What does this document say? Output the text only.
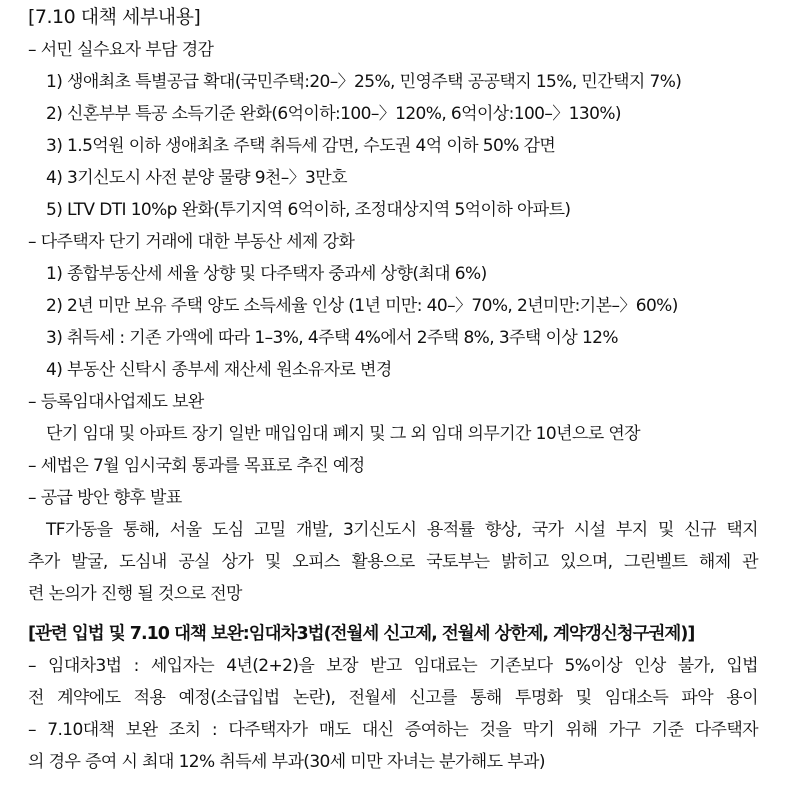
[7.10 대책 세부내용]
– 서민 실수요자 부담 경감
1) 생애최초 특별공급 확대(국민주택:20–〉25%, 민영주택 공공택지 15%, 민간택지 7%)
2) 신혼부부 특공 소득기준 완화(6억이하:100–〉120%, 6억이상:100–〉130%)
3) 1.5억원 이하 생애최초 주택 취득세 감면, 수도권 4억 이하 50% 감면
4) 3기신도시 사전 분양 물량 9천–〉3만호
5) LTV DTI 10%p 완화(투기지역 6억이하, 조정대상지역 5억이하 아파트)
– 다주택자 단기 거래에 대한 부동산 세제 강화
1) 종합부동산세 세율 상향 및 다주택자 중과세 상향(최대 6%)
2) 2년 미만 보유 주택 양도 소득세율 인상 (1년 미만: 40–〉70%, 2년미만:기본–〉60%)
3) 취득세 : 기존 가액에 따라 1–3%, 4주택 4%에서 2주택 8%, 3주택 이상 12%
4) 부동산 신탁시 종부세 재산세 원소유자로 변경
– 등록임대사업제도 보완
단기 임대 및 아파트 장기 일반 매입임대 폐지 및 그 외 임대 의무기간 10년으로 연장
– 세법은 7월 임시국회 통과를 목표로 추진 예정
– 공급 방안 향후 발표
TF가동을 통해, 서울 도심 고밀 개발, 3기신도시 용적률 향상, 국가 시설 부지 및 신규 택지
추가 발굴, 도심내 공실 상가 및 오피스 활용으로 국토부는 밝히고 있으며, 그린벨트 해제 관
련 논의가 진행 될 것으로 전망
[관련 입법 및 7.10 대책 보완:임대차3법(전월세 신고제, 전월세 상한제, 계약갱신청구권제)]
– 임대차3법 : 세입자는 4년(2+2)을 보장 받고 임대료는 기존보다 5%이상 인상 불가, 입법
전 계약에도 적용 예정(소급입법 논란), 전월세 신고를 통해 투명화 및 임대소득 파악 용이
– 7.10대책 보완 조치 : 다주택자가 매도 대신 증여하는 것을 막기 위해 가구 기준 다주택자
의 경우 증여 시 최대 12% 취득세 부과(30세 미만 자녀는 분가해도 부과)
